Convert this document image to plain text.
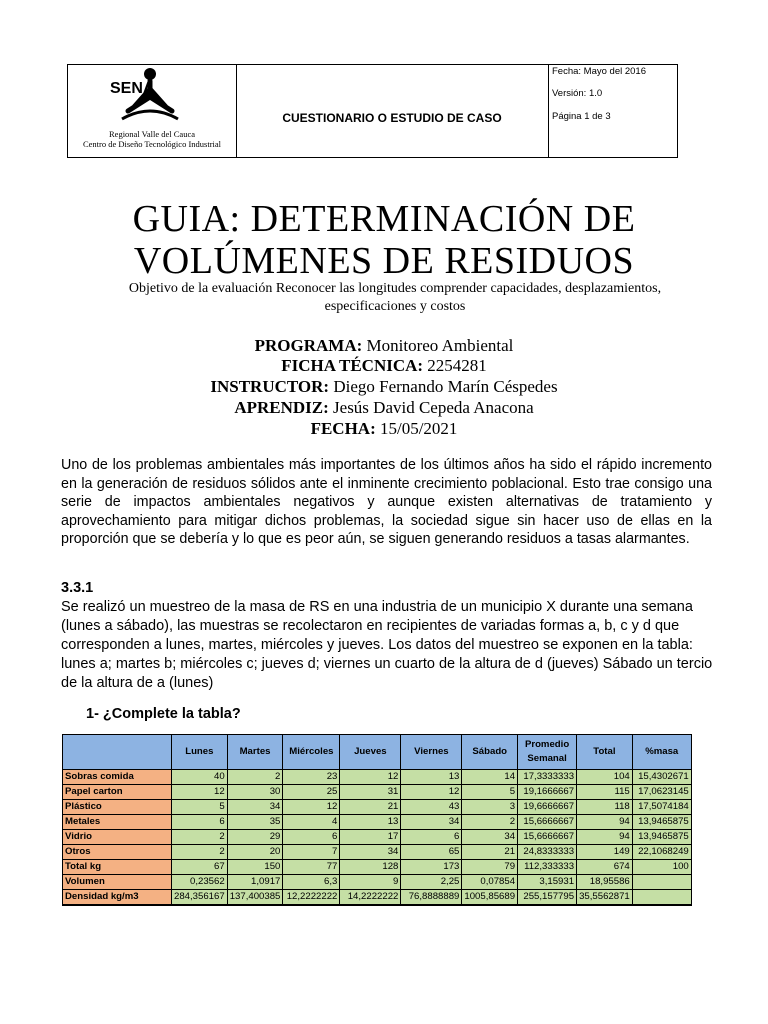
SENA
Regional Valle del Cauca
Centro de Diseño Tecnológico Industrial
CUESTIONARIO O ESTUDIO DE CASO
Fecha: Mayo del 2016
Versión: 1.0
Página 1 de 3
GUIA: DETERMINACIÓN DE
VOLÚMENES DE RESIDUOS
Objetivo de la evaluación Reconocer las longitudes comprender capacidades, desplazamientos, especificaciones y costos
PROGRAMA: Monitoreo Ambiental
FICHA TÉCNICA: 2254281
INSTRUCTOR: Diego Fernando Marín Céspedes
APRENDIZ: Jesús David Cepeda Anacona
FECHA: 15/05/2021
Uno de los problemas ambientales más importantes de los últimos años ha sido el rápido incremento en la generación de residuos sólidos ante el inminente crecimiento poblacional. Esto trae consigo una serie de impactos ambientales negativos y aunque existen alternativas de tratamiento y aprovechamiento para mitigar dichos problemas, la sociedad sigue sin hacer uso de ellas en la proporción que se debería y lo que es peor aún, se siguen generando residuos a tasas alarmantes.
3.3.1
Se realizó un muestreo de la masa de RS en una industria de un municipio X durante una semana (lunes a sábado), las muestras se recolectaron en recipientes de variadas formas a, b, c y d que corresponden a lunes, martes, miércoles y jueves. Los datos del muestreo se exponen en la tabla: lunes a; martes b; miércoles c; jueves d; viernes un cuarto de la altura de d (jueves) Sábado un tercio de la altura de a (lunes)
1- ¿Complete la tabla?
	Lunes	Martes	Miércoles	Jueves	Viernes	Sábado	Promedio Semanal	Total	%masa
Sobras comida	40	2	23	12	13	14	17,3333333	104	15,4302671
Papel carton	12	30	25	31	12	5	19,1666667	115	17,0623145
Plástico	5	34	12	21	43	3	19,6666667	118	17,5074184
Metales	6	35	4	13	34	2	15,6666667	94	13,9465875
Vidrio	2	29	6	17	6	34	15,6666667	94	13,9465875
Otros	2	20	7	34	65	21	24,8333333	149	22,1068249
Total kg	67	150	77	128	173	79	112,333333	674	100
Volumen	0,23562	1,0917	6,3	9	2,25	0,07854	3,15931	18,95586	
Densidad kg/m3	284,356167	137,400385	12,2222222	14,2222222	76,8888889	1005,85689	255,157795	35,5562871	
